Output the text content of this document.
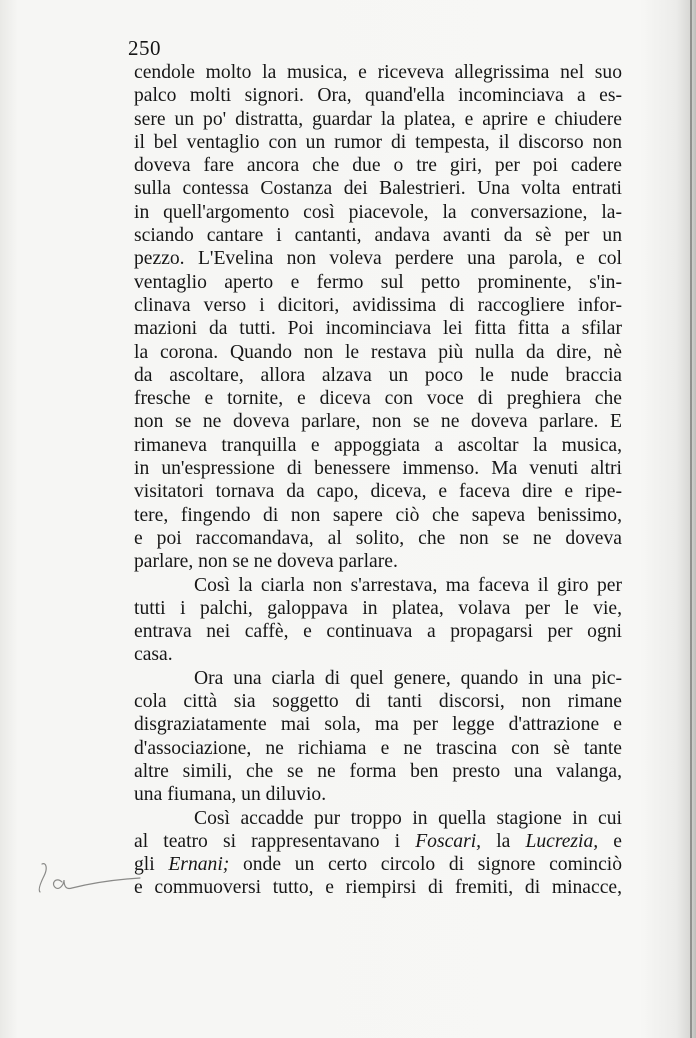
250
cendole molto la musica, e riceveva allegrissima nel suo
palco molti signori. Ora, quand'ella incominciava a es-
sere un po' distratta, guardar la platea, e aprire e chiudere
il bel ventaglio con un rumor di tempesta, il discorso non
doveva fare ancora che due o tre giri, per poi cadere
sulla contessa Costanza dei Balestrieri. Una volta entrati
in quell'argomento così piacevole, la conversazione, la-
sciando cantare i cantanti, andava avanti da sè per un
pezzo. L'Evelina non voleva perdere una parola, e col
ventaglio aperto e fermo sul petto prominente, s'in-
clinava verso i dicitori, avidissima di raccogliere infor-
mazioni da tutti. Poi incominciava lei fitta fitta a sfilar
la corona. Quando non le restava più nulla da dire, nè
da ascoltare, allora alzava un poco le nude braccia
fresche e tornite, e diceva con voce di preghiera che
non se ne doveva parlare, non se ne doveva parlare. E
rimaneva tranquilla e appoggiata a ascoltar la musica,
in un'espressione di benessere immenso. Ma venuti altri
visitatori tornava da capo, diceva, e faceva dire e ripe-
tere, fingendo di non sapere ciò che sapeva benissimo,
e poi raccomandava, al solito, che non se ne doveva
parlare, non se ne doveva parlare.
Così la ciarla non s'arrestava, ma faceva il giro per
tutti i palchi, galoppava in platea, volava per le vie,
entrava nei caffè, e continuava a propagarsi per ogni
casa.
Ora una ciarla di quel genere, quando in una pic-
cola città sia soggetto di tanti discorsi, non rimane
disgraziatamente mai sola, ma per legge d'attrazione e
d'associazione, ne richiama e ne trascina con sè tante
altre simili, che se ne forma ben presto una valanga,
una fiumana, un diluvio.
Così accadde pur troppo in quella stagione in cui
al teatro si rappresentavano i Foscari, la Lucrezia, e
gli Ernani; onde un certo circolo di signore cominciò
e commuoversi tutto, e riempirsi di fremiti, di minacce,
